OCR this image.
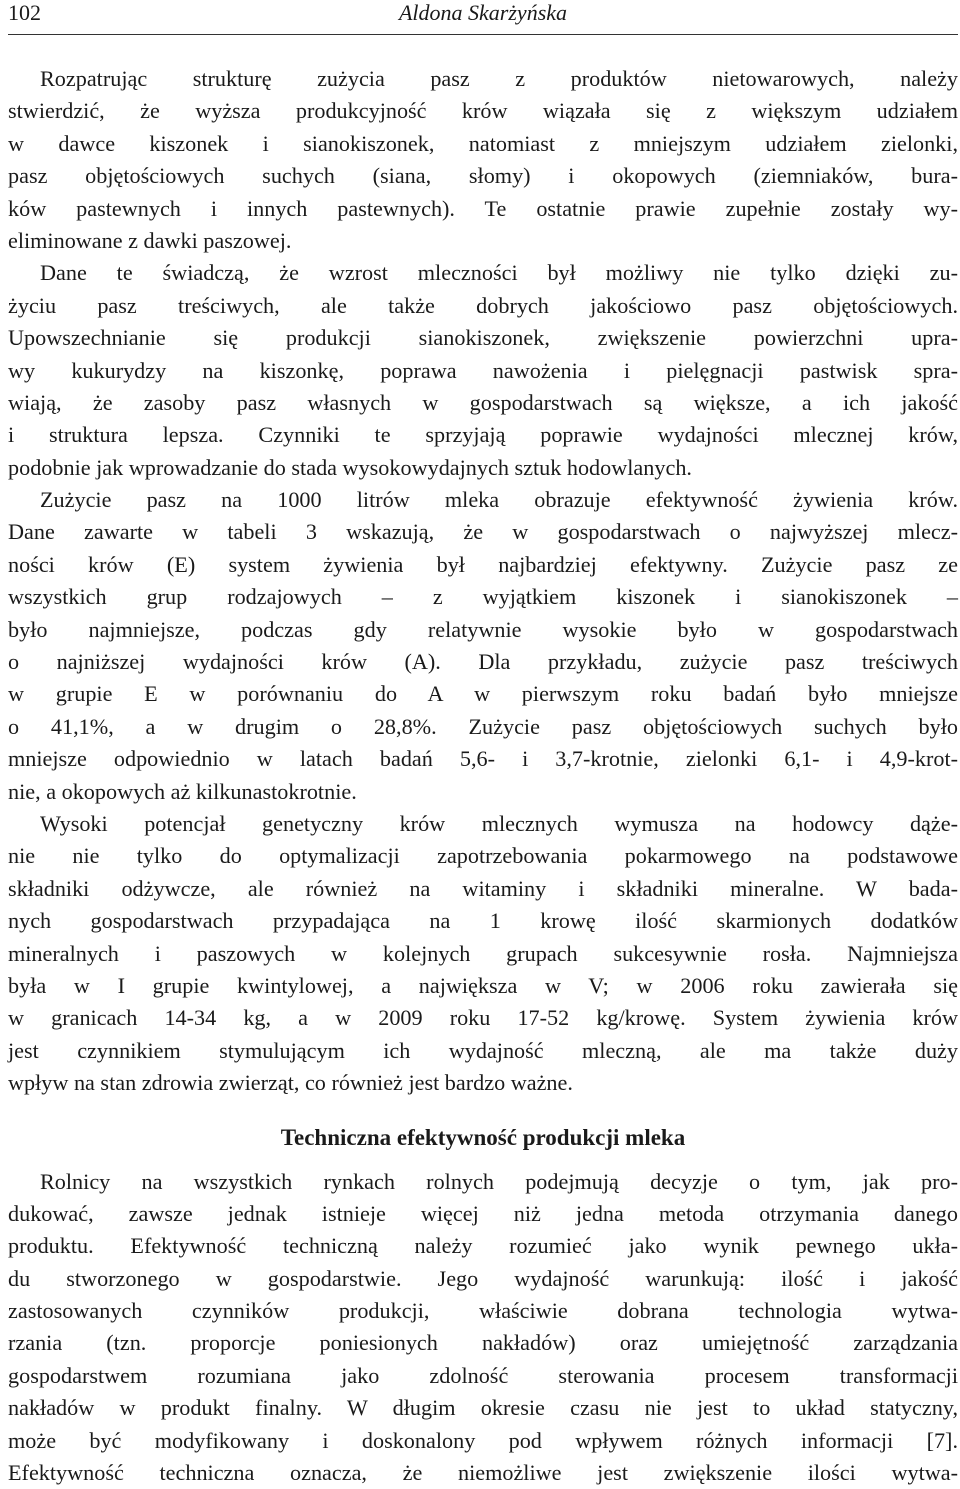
102	Aldona Skarżyńska
Rozpatrując strukturę zużycia pasz z produktów nietowarowych, należy
stwierdzić, że wyższa produkcyjność krów wiązała się z większym udziałem
w dawce kiszonek i sianokiszonek, natomiast z mniejszym udziałem zielonki,
pasz objętościowych suchych (siana, słomy) i okopowych (ziemniaków, bura-
ków pastewnych i innych pastewnych). Te ostatnie prawie zupełnie zostały wy-
eliminowane z dawki paszowej.
Dane te świadczą, że wzrost mleczności był możliwy nie tylko dzięki zu-
życiu pasz treściwych, ale także dobrych jakościowo pasz objętościowych.
Upowszechnianie się produkcji sianokiszonek, zwiększenie powierzchni upra-
wy kukurydzy na kiszonkę, poprawa nawożenia i pielęgnacji pastwisk spra-
wiają, że zasoby pasz własnych w gospodarstwach są większe, a ich jakość
i struktura lepsza. Czynniki te sprzyjają poprawie wydajności mlecznej krów,
podobnie jak wprowadzanie do stada wysokowydajnych sztuk hodowlanych.
Zużycie pasz na 1000 litrów mleka obrazuje efektywność żywienia krów.
Dane zawarte w tabeli 3 wskazują, że w gospodarstwach o najwyższej mlecz-
ności krów (E) system żywienia był najbardziej efektywny. Zużycie pasz ze
wszystkich grup rodzajowych – z wyjątkiem kiszonek i sianokiszonek –
było najmniejsze, podczas gdy relatywnie wysokie było w gospodarstwach
o najniższej wydajności krów (A). Dla przykładu, zużycie pasz treściwych
w grupie E w porównaniu do A w pierwszym roku badań było mniejsze
o 41,1%, a w drugim o 28,8%. Zużycie pasz objętościowych suchych było
mniejsze odpowiednio w latach badań 5,6- i 3,7-krotnie, zielonki 6,1- i 4,9-krot-
nie, a okopowych aż kilkunastokrotnie.
Wysoki potencjał genetyczny krów mlecznych wymusza na hodowcy dąże-
nie nie tylko do optymalizacji zapotrzebowania pokarmowego na podstawowe
składniki odżywcze, ale również na witaminy i składniki mineralne. W bada-
nych gospodarstwach przypadająca na 1 krowę ilość skarmionych dodatków
mineralnych i paszowych w kolejnych grupach sukcesywnie rosła. Najmniejsza
była w I grupie kwintylowej, a największa w V; w 2006 roku zawierała się
w granicach 14-34 kg, a w 2009 roku 17-52 kg/krowę. System żywienia krów
jest czynnikiem stymulującym ich wydajność mleczną, ale ma także duży
wpływ na stan zdrowia zwierząt, co również jest bardzo ważne.
Techniczna efektywność produkcji mleka
Rolnicy na wszystkich rynkach rolnych podejmują decyzje o tym, jak pro-
dukować, zawsze jednak istnieje więcej niż jedna metoda otrzymania danego
produktu. Efektywność techniczną należy rozumieć jako wynik pewnego ukła-
du stworzonego w gospodarstwie. Jego wydajność warunkują: ilość i jakość
zastosowanych czynników produkcji, właściwie dobrana technologia wytwa-
rzania (tzn. proporcje poniesionych nakładów) oraz umiejętność zarządzania
gospodarstwem rozumiana jako zdolność sterowania procesem transformacji
nakładów w produkt finalny. W długim okresie czasu nie jest to układ statyczny,
może być modyfikowany i doskonalony pod wpływem różnych informacji [7].
Efektywność techniczna oznacza, że niemożliwe jest zwiększenie ilości wytwa-
